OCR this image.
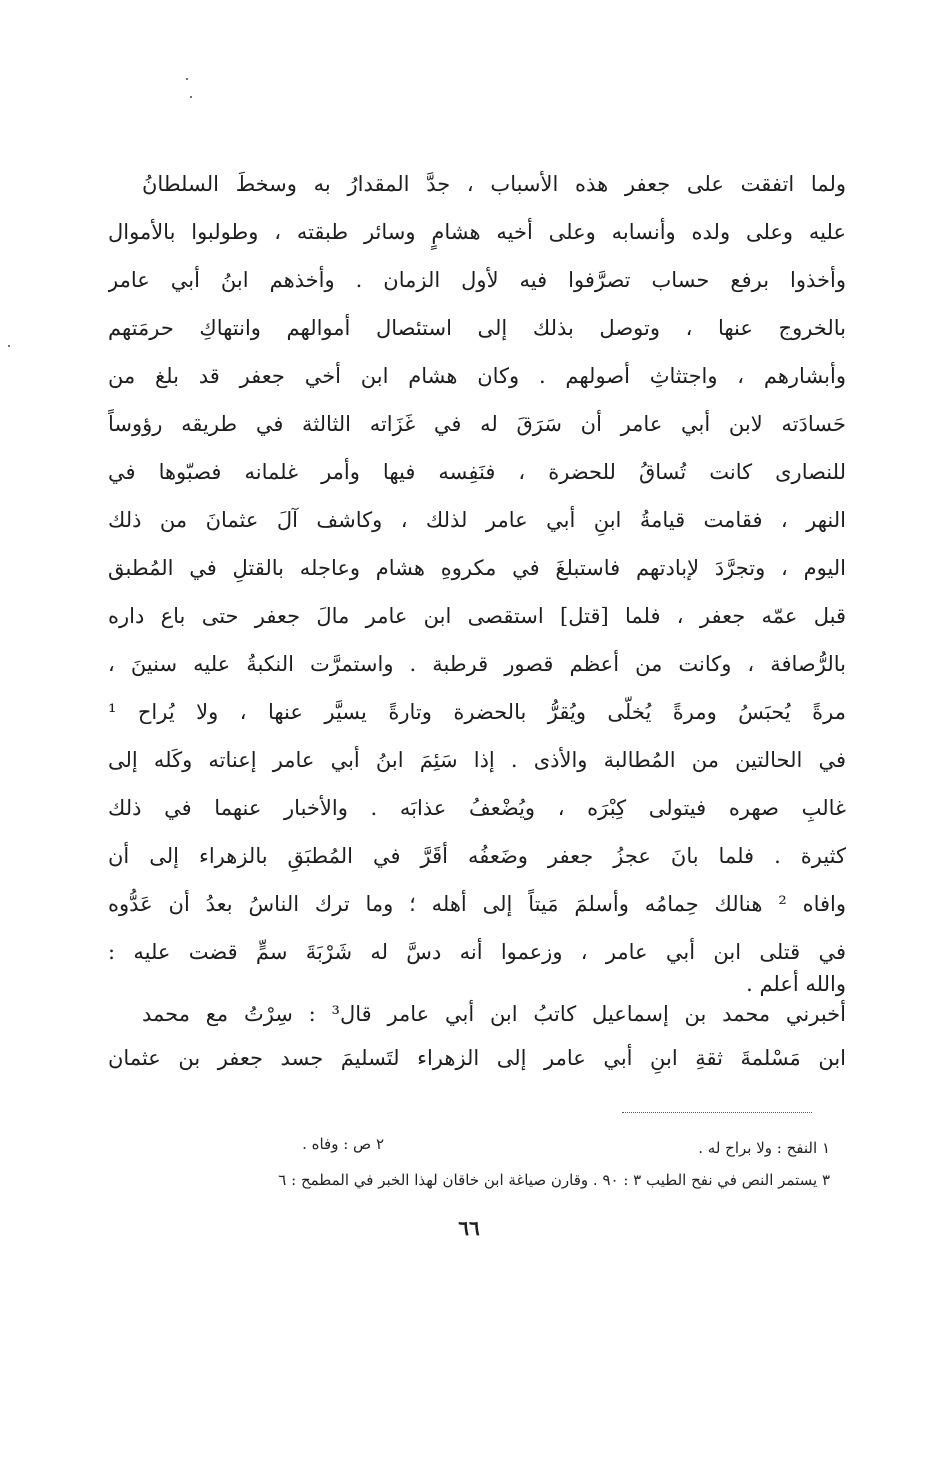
ولما اتفقت على جعفر هذه الأسباب ، جدَّ المقدارُ به وسخطَ السلطانُ
عليه وعلى ولده وأنسابه وعلى أخيه هشامٍ وسائر طبقته ، وطولبوا بالأموال
وأخذوا برفع حساب تصرَّفوا فيه لأول الزمان . وأخذهم ابنُ أبي عامر
بالخروج عنها ، وتوصل بذلك إلى استئصال أموالهم وانتهاكِ حرمَتهم
وأبشارهم ، واجتثاثِ أصولهم . وكان هشام ابن أخي جعفر قد بلغ من
حَسادَته لابن أبي عامر أن سَرَقَ له في غَزَاته الثالثة في طريقه رؤوساً
للنصارى كانت تُساقُ للحضرة ، فنَفِسه فيها وأمر غلمانه فصبّوها في
النهر ، فقامت قيامةُ ابنِ أبي عامر لذلك ، وكاشف آلَ عثمانَ من ذلك
اليوم ، وتجرَّدَ لإبادتهم فاستبلغَ في مكروهِ هشام وعاجله بالقتلِ في المُطبق
قبل عمّه جعفر ، فلما [قتل] استقصى ابن عامر مالَ جعفر حتى باع داره
بالرُّصافة ، وكانت من أعظم قصور قرطبة . واستمرَّت النكبةُ عليه سنينَ ،
مرةً يُحبَسُ ومرةً يُخلّى ويُقرُّ بالحضرة وتارةً يسيَّر عنها ، ولا يُراح ¹
في الحالتين من المُطالبة والأذى . إذا سَئِمَ ابنُ أبي عامر إعناته وكَله إلى
غالبِ صهره فيتولى كِبْرَه ، ويُضْعفُ عذابَه . والأخبار عنهما في ذلك
كثيرة . فلما بانَ عجزُ جعفر وضَعفُه أقَرَّ في المُطبَقِ بالزهراء إلى أن
وافاه ² هنالك حِمامُه وأسلمَ مَيتاً إلى أهله ؛ وما ترك الناسُ بعدُ أن عَدُّوه
في قتلى ابن أبي عامر ، وزعموا أنه دسَّ له شَرْبَةَ سمٍّ قضت عليه :
والله أعلم .
أخبرني محمد بن إسماعيل كاتبُ ابن أبي عامر قال³ : سِرْتُ مع محمد
ابن مَسْلمةَ ثقةِ ابنِ أبي عامر إلى الزهراء لتَسليمَ جسد جعفر بن عثمان
١ النفح : ولا براح له .
٢ ص : وفاه .
٣ يستمر النص في نفح الطيب ٣ : ٩٠ . وقارن صياغة ابن خاقان لهذا الخبر في المطمح : ٦
٦٦
